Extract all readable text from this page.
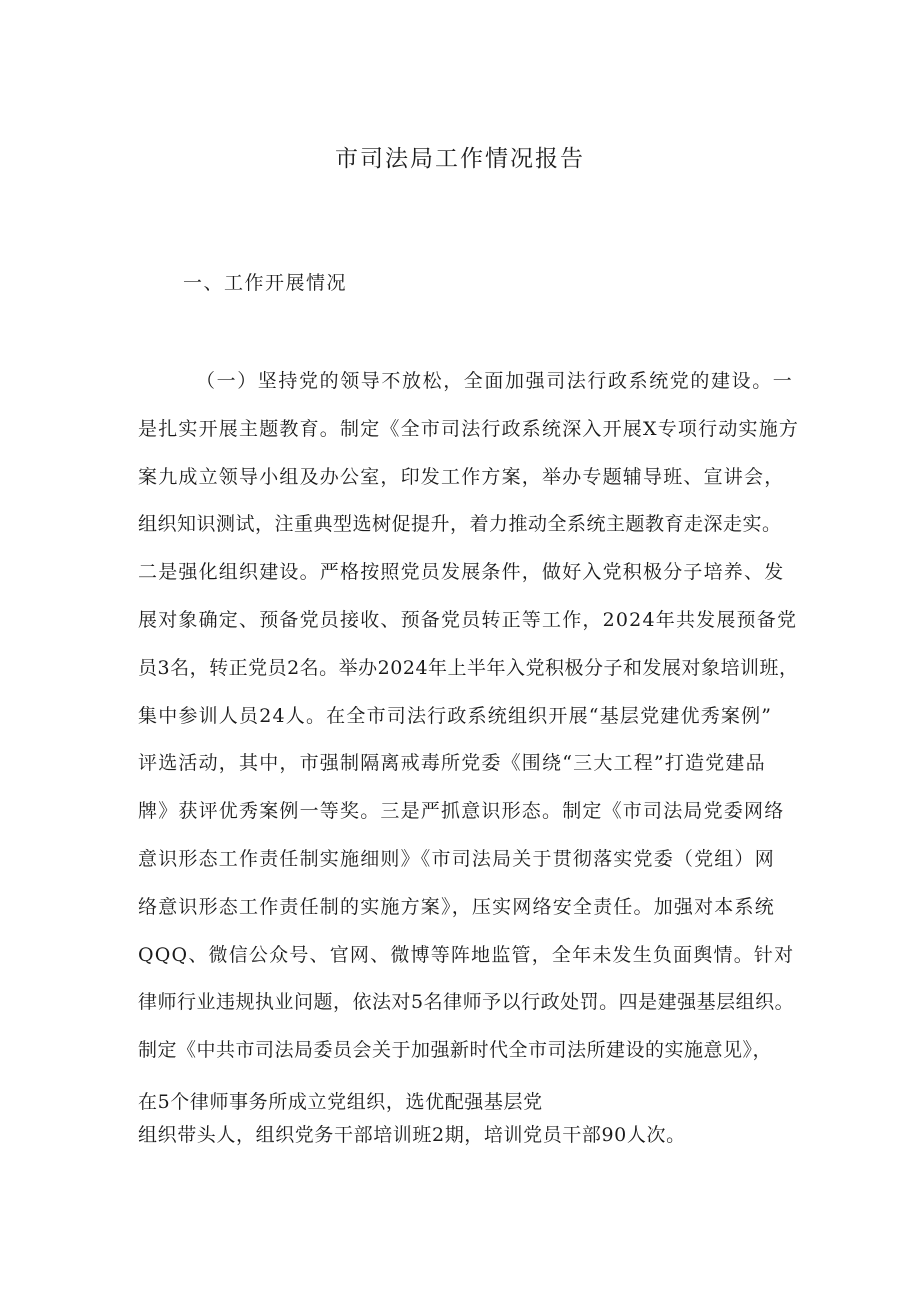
市司法局工作情况报告
一、工作开展情况
（一）坚持党的领导不放松，全面加强司法行政系统党的建设。一
是扎实开展主题教育。制定《全市司法行政系统深入开展X专项行动实施方
案九成立领导小组及办公室，印发工作方案，举办专题辅导班、宣讲会，
组织知识测试，注重典型选树促提升，着力推动全系统主题教育走深走实。
二是强化组织建设。严格按照党员发展条件，做好入党积极分子培养、发
展对象确定、预备党员接收、预备党员转正等工作，2024年共发展预备党
员3名，转正党员2名。举办2024年上半年入党积极分子和发展对象培训班，
集中参训人员24人。在全市司法行政系统组织开展“基层党建优秀案例”
评选活动，其中，市强制隔离戒毒所党委《围绕“三大工程”打造党建品
牌》获评优秀案例一等奖。三是严抓意识形态。制定《市司法局党委网络
意识形态工作责任制实施细则》《市司法局关于贯彻落实党委（党组）网
络意识形态工作责任制的实施方案》，压实网络安全责任。加强对本系统
QQQ、微信公众号、官网、微博等阵地监管，全年未发生负面舆情。针对
律师行业违规执业问题，依法对5名律师予以行政处罚。四是建强基层组织。
制定《中共市司法局委员会关于加强新时代全市司法所建设的实施意见》，
在5个律师事务所成立党组织，选优配强基层党
组织带头人，组织党务干部培训班2期，培训党员干部90人次。
